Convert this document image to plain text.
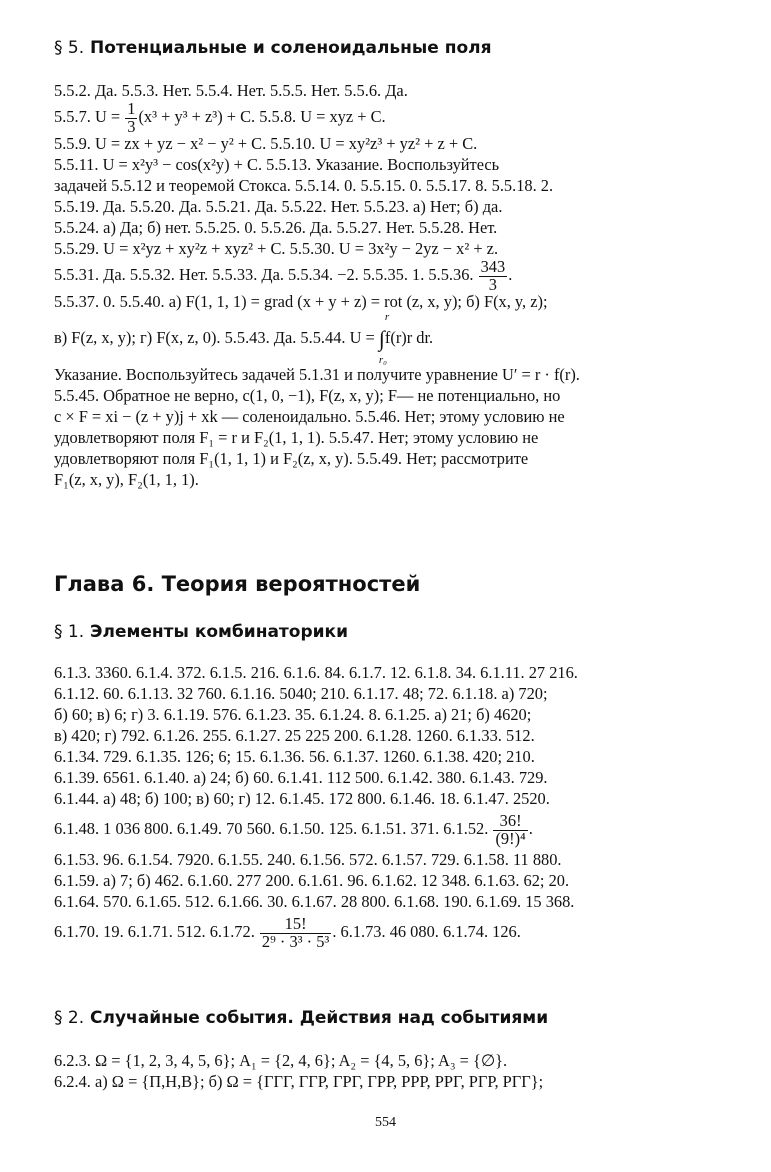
§ 5. Потенциальные и соленоидальные поля
5.5.2. Да. 5.5.3. Нет. 5.5.4. Нет. 5.5.5. Нет. 5.5.6. Да.
5.5.7. $U = \frac{1}{3} (x^3 + y^3 + z^3) + C$. 5.5.8. U = xyz + C.
5.5.9. U = zx + yz − x² − y² + C. 5.5.10. U = xy²z³ + yz² + z + C.
5.5.11. U = x²y³ − cos(x²y) + C. 5.5.13. Указание. Воспользуйтесь
задачей 5.5.12 и теоремой Стокса. 5.5.14. 0. 5.5.15. 0. 5.5.17. 8. 5.5.18. 2.
5.5.19. Да. 5.5.20. Да. 5.5.21. Да. 5.5.22. Нет. 5.5.23. а) Нет; б) да.
5.5.24. а) Да; б) нет. 5.5.25. 0. 5.5.26. Да. 5.5.27. Нет. 5.5.28. Нет.
5.5.29. U = x²yz + xy²z + xyz² + C. 5.5.30. U = 3x²y − 2yz − x² + z.
5.5.31. Да. 5.5.32. Нет. 5.5.33. Да. 5.5.34. −2. 5.5.35. 1. 5.5.36. $\frac{343}{3}$ .
5.5.37. 0. 5.5.40. а) F(1, 1, 1) = grad (x + y + z) = rot (z, x, y); б) F(x, y, z);
в) F(z, x, y); г) F(x, z, 0). 5.5.43. Да. 5.5.44. U =
r
∫
r₀
f(r)r dr.
Указание. Воспользуйтесь задачей 5.1.31 и получите уравнение U′ = r · f(r).
5.5.45. Обратное не верно, c(1, 0, −1), F(z, x, y); F— не потенциально, но
c × F = xi − (z + y)j + xk — соленоидально. 5.5.46. Нет; этому условию не
удовлетворяют поля F₁ = r и F₂(1, 1, 1). 5.5.47. Нет; этому условию не
удовлетворяют поля F₁(1, 1, 1) и F₂(z, x, y). 5.5.49. Нет; рассмотрите
F₁(z, x, y), F₂(1, 1, 1).
Глава 6. Теория вероятностей
§ 1. Элементы комбинаторики
6.1.3. 3360. 6.1.4. 372. 6.1.5. 216. 6.1.6. 84. 6.1.7. 12. 6.1.8. 34. 6.1.11. 27 216.
6.1.12. 60. 6.1.13. 32 760. 6.1.16. 5040; 210. 6.1.17. 48; 72. 6.1.18. а) 720;
б) 60; в) 6; г) 3. 6.1.19. 576. 6.1.23. 35. 6.1.24. 8. 6.1.25. а) 21; б) 4620;
в) 420; г) 792. 6.1.26. 255. 6.1.27. 25 225 200. 6.1.28. 1260. 6.1.33. 512.
6.1.34. 729. 6.1.35. 126; 6; 15. 6.1.36. 56. 6.1.37. 1260. 6.1.38. 420; 210.
6.1.39. 6561. 6.1.40. а) 24; б) 60. 6.1.41. 112 500. 6.1.42. 380. 6.1.43. 729.
6.1.44. а) 48; б) 100; в) 60; г) 12. 6.1.45. 172 800. 6.1.46. 18. 6.1.47. 2520.
6.1.48. 1 036 800. 6.1.49. 70 560. 6.1.50. 125. 6.1.51. 371. 6.1.52. $\frac{36!}{\text{(9!)⁴}}$ .
6.1.53. 96. 6.1.54. 7920. 6.1.55. 240. 6.1.56. 572. 6.1.57. 729. 6.1.58. 11 880.
6.1.59. а) 7; б) 462. 6.1.60. 277 200. 6.1.61. 96. 6.1.62. 12 348. 6.1.63. 62; 20.
6.1.64. 570. 6.1.65. 512. 6.1.66. 30. 6.1.67. 28 800. 6.1.68. 190. 6.1.69. 15 368.
6.1.70. 19. 6.1.71. 512. 6.1.72. $\frac{15!}{\text{2⁹ · 3³ · 5³}}$ . 6.1.73. 46 080. 6.1.74. 126.
§ 2. Случайные события. Действия над событиями
6.2.3. Ω = {1, 2, 3, 4, 5, 6}; A₁ = {2, 4, 6}; A₂ = {4, 5, 6}; A₃ = {∅}.
6.2.4. а) Ω = {П,Н,В}; б) Ω = {ГГГ, ГГР, ГРГ, ГРР, РРР, РРГ, РГР, РГГ};
554
